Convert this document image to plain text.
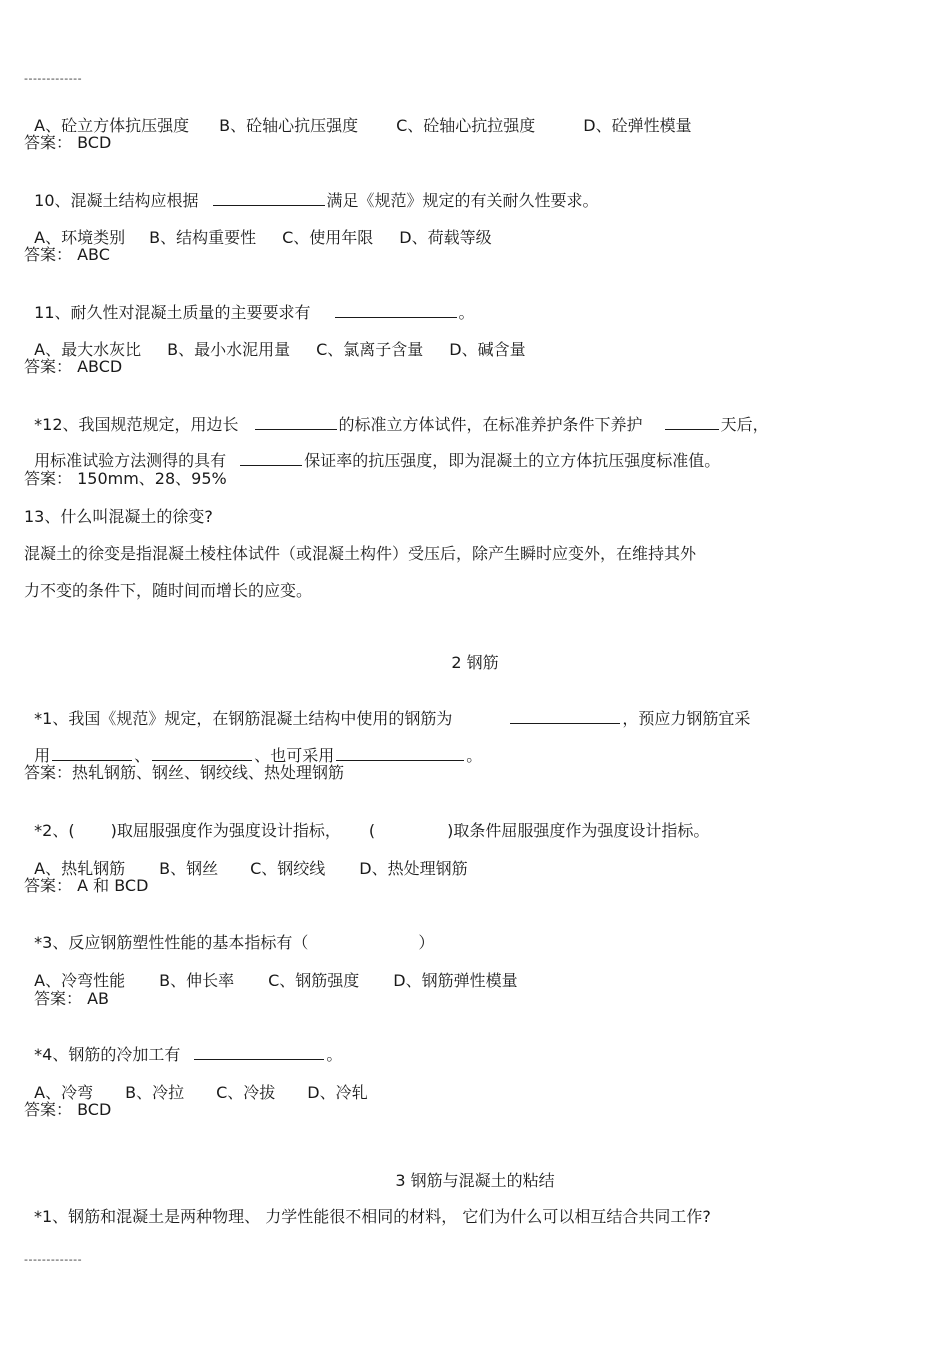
-------------

A、砼立方体抗压强度 B、砼轴心抗压强度 C、砼轴心抗拉强度	D、砼弹性模量

答案： BCD

10、混凝土结构应根据	满足《规范》规定的有关耐久性要求。

A、环境类别 B、结构重要性 C、使用年限 D、荷载等级

答案： ABC

11、耐久性对混凝土质量的主要要求有	。

A、最大水灰比 B、最小水泥用量 C、氯离子含量 D、碱含量

答案： ABCD

*12、我国规范规定，用边长	的标准立方体试件，在标准养护条件下养护	天后，

用标准试验方法测得的具有	保证率的抗压强度，即为混凝土的立方体抗压强度标准值。

答案： 150mm、28、95%
13、什么叫混凝土的徐变?
混凝土的徐变是指混凝土棱柱体试件（或混凝土构件）受压后，除产生瞬时应变外，在维持其外
力不变的条件下，随时间而增长的应变。
2 钢筋

*1、我国《规范》规定，在钢筋混凝土结构中使用的钢筋为	，预应力钢筋宜采

用	、	、也可采用	。

答案：热轧钢筋、钢丝、钢绞线、热处理钢筋

*2、( )取屈服强度作为强度设计指标， (	)取条件屈服强度作为强度设计指标。

A、热轧钢筋 B、钢丝 C、钢绞线 D、热处理钢筋

答案： A 和 BCD

*3、反应钢筋塑性性能的基本指标有（	）

A、冷弯性能 B、伸长率 C、钢筋强度 D、钢筋弹性模量

答案： AB

*4、钢筋的冷加工有	。

A、冷弯 B、冷拉 C、冷拔 D、冷轧

答案： BCD
3 钢筋与混凝土的粘结
*1、钢筋和混凝土是两种物理、 力学性能很不相同的材料， 它们为什么可以相互结合共同工作?
-------------
